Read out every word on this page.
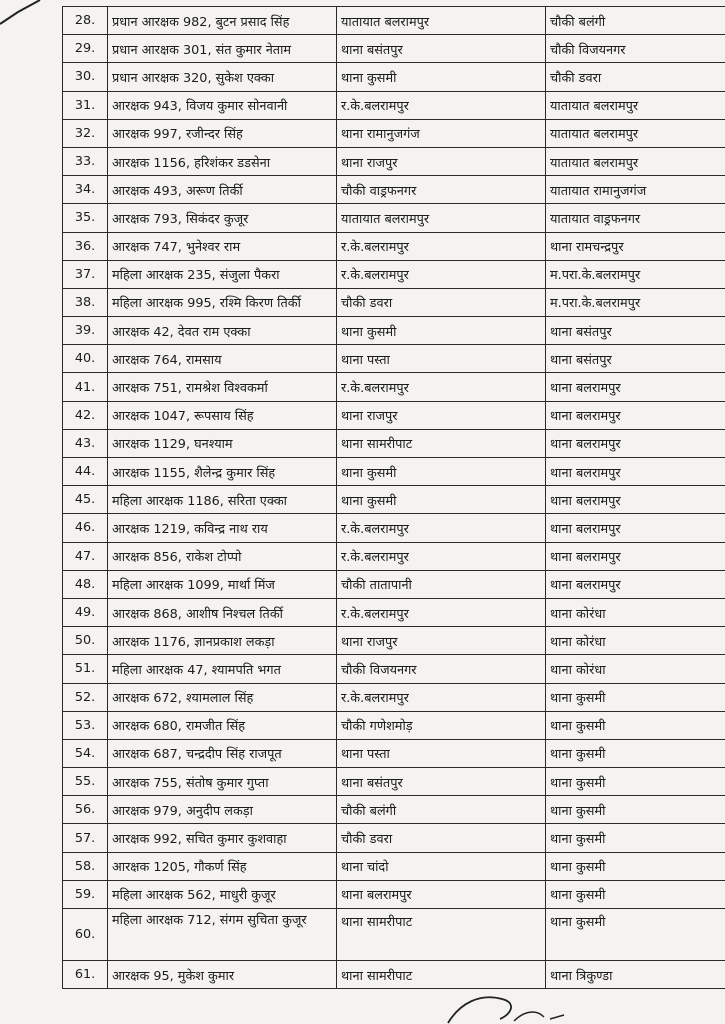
28.	प्रधान आरक्षक 982, बुटन प्रसाद सिंह	यातायात बलरामपुर	चौकी बलंगी
29.	प्रधान आरक्षक 301, संत कुमार नेताम	थाना बसंतपुर	चौकी विजयनगर
30.	प्रधान आरक्षक 320, सुकेश एक्का	थाना कुसमी	चौकी डवरा
31.	आरक्षक 943, विजय कुमार सोनवानी	र.के.बलरामपुर	यातायात बलरामपुर
32.	आरक्षक 997, रजीन्दर सिंह	थाना रामानुजगंज	यातायात बलरामपुर
33.	आरक्षक 1156, हरिशंकर डडसेना	थाना राजपुर	यातायात बलरामपुर
34.	आरक्षक 493, अरूण तिर्की	चौकी वाड्रफनगर	यातायात रामानुजगंज
35.	आरक्षक 793, सिकंदर कुजूर	यातायात बलरामपुर	यातायात वाड्रफनगर
36.	आरक्षक 747, भुनेश्वर राम	र.के.बलरामपुर	थाना रामचन्द्रपुर
37.	महिला आरक्षक 235, संजुला पैकरा	र.के.बलरामपुर	म.परा.के.बलरामपुर
38.	महिला आरक्षक 995, रश्मि किरण तिर्की	चौकी डवरा	म.परा.के.बलरामपुर
39.	आरक्षक 42, देवत राम एक्का	थाना कुसमी	थाना बसंतपुर
40.	आरक्षक 764, रामसाय	थाना पस्ता	थाना बसंतपुर
41.	आरक्षक 751, रामश्रेश विश्वकर्मा	र.के.बलरामपुर	थाना बलरामपुर
42.	आरक्षक 1047, रूपसाय सिंह	थाना राजपुर	थाना बलरामपुर
43.	आरक्षक 1129, घनश्याम	थाना सामरीपाट	थाना बलरामपुर
44.	आरक्षक 1155, शैलेन्द्र कुमार सिंह	थाना कुसमी	थाना बलरामपुर
45.	महिला आरक्षक 1186, सरिता एक्का	थाना कुसमी	थाना बलरामपुर
46.	आरक्षक 1219, कविन्द्र नाथ राय	र.के.बलरामपुर	थाना बलरामपुर
47.	आरक्षक 856, राकेश टोप्पो	र.के.बलरामपुर	थाना बलरामपुर
48.	महिला आरक्षक 1099, मार्था मिंज	चौकी तातापानी	थाना बलरामपुर
49.	आरक्षक 868, आशीष निश्चल तिर्की	र.के.बलरामपुर	थाना कोरंधा
50.	आरक्षक 1176, ज्ञानप्रकाश लकड़ा	थाना राजपुर	थाना कोरंधा
51.	महिला आरक्षक 47, श्यामपति भगत	चौकी विजयनगर	थाना कोरंधा
52.	आरक्षक 672, श्यामलाल सिंह	र.के.बलरामपुर	थाना कुसमी
53.	आरक्षक 680, रामजीत सिंह	चौकी गणेशमोड़	थाना कुसमी
54.	आरक्षक 687, चन्द्रदीप सिंह राजपूत	थाना पस्ता	थाना कुसमी
55.	आरक्षक 755, संतोष कुमार गुप्ता	थाना बसंतपुर	थाना कुसमी
56.	आरक्षक 979, अनुदीप लकड़ा	चौकी बलंगी	थाना कुसमी
57.	आरक्षक 992, सचित कुमार कुशवाहा	चौकी डवरा	थाना कुसमी
58.	आरक्षक 1205, गौकर्ण सिंह	थाना चांदो	थाना कुसमी
59.	महिला आरक्षक 562, माधुरी कुजूर	थाना बलरामपुर	थाना कुसमी
60.	महिला आरक्षक 712, संगम सुचिता कुजूर	थाना सामरीपाट	थाना कुसमी
61.	आरक्षक 95, मुकेश कुमार	थाना सामरीपाट	थाना त्रिकुण्डा
